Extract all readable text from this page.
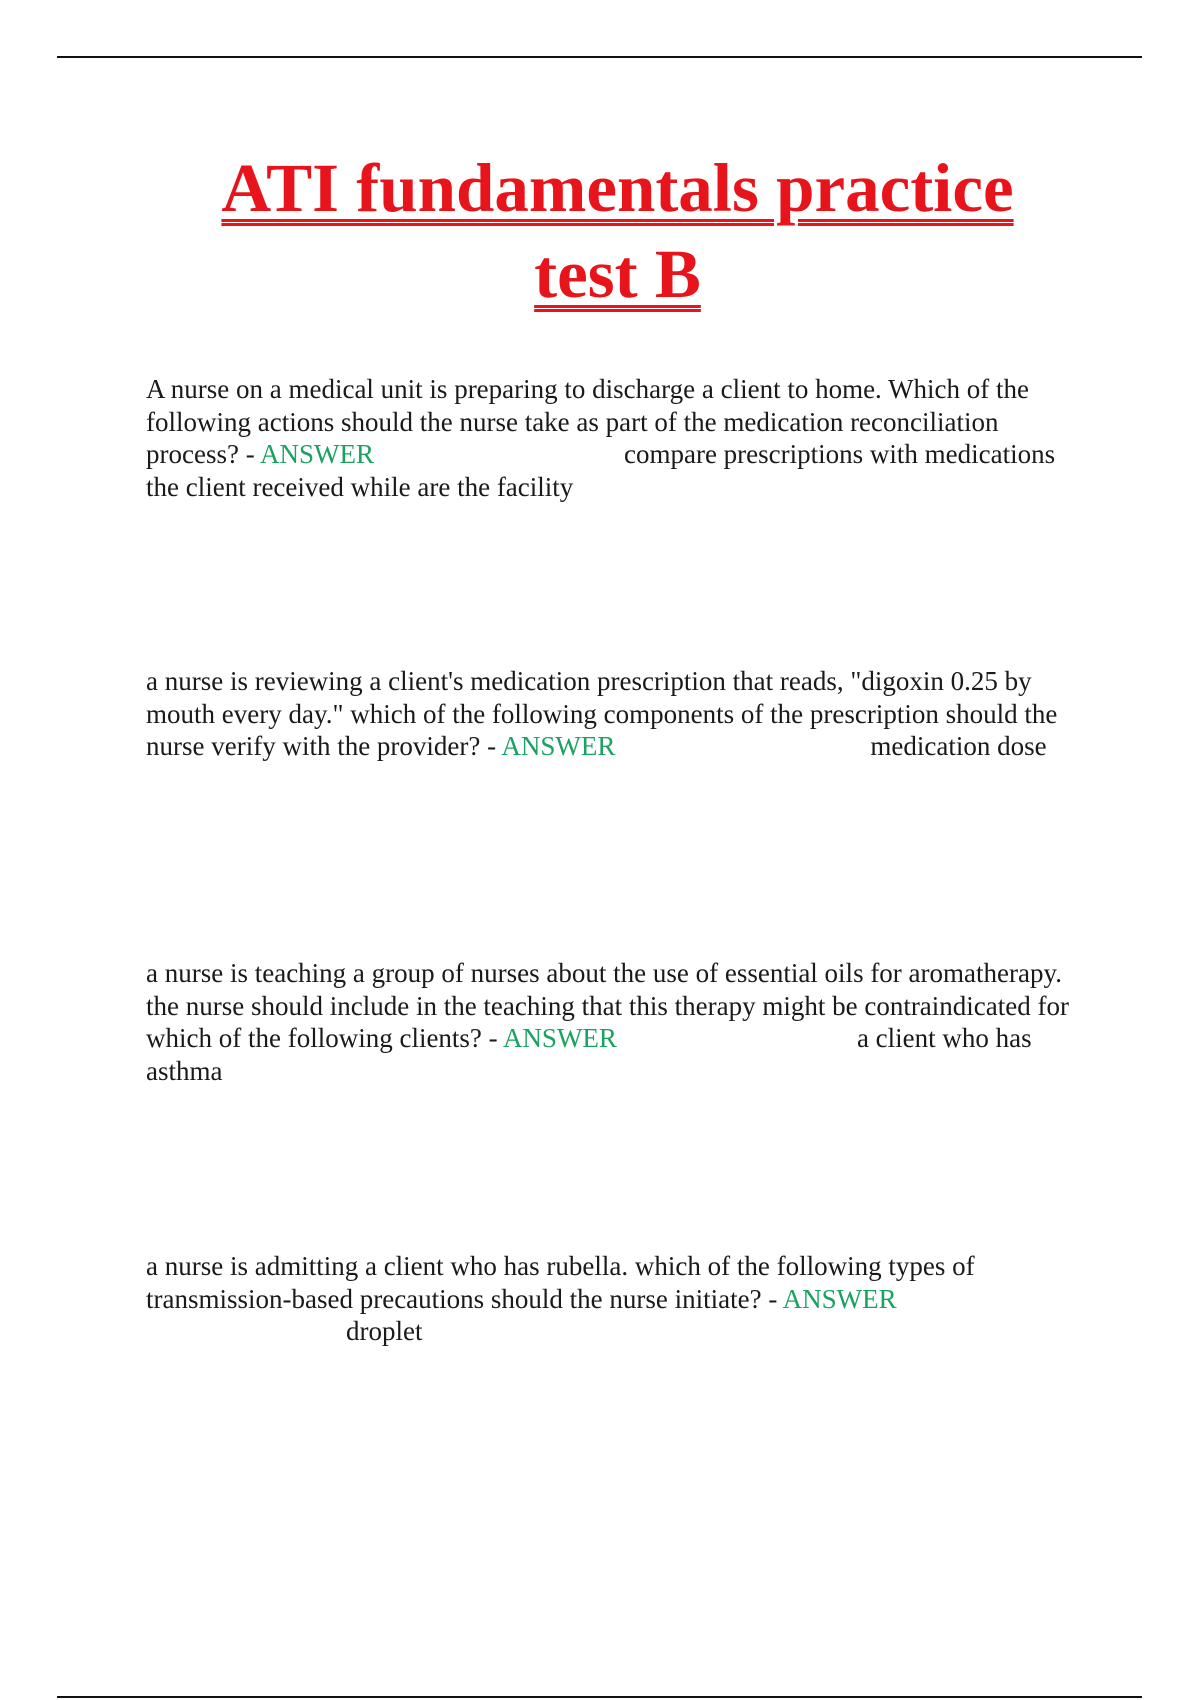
ATI fundamentals practice
test B
A nurse on a medical unit is preparing to discharge a client to home. Which of the following actions should the nurse take as part of the medication reconciliation process? - ANSWER	compare prescriptions with medications the client received while are the facility
a nurse is reviewing a client's medication prescription that reads, "digoxin 0.25 by mouth every day." which of the following components of the prescription should the nurse verify with the provider? - ANSWER	medication dose
a nurse is teaching a group of nurses about the use of essential oils for aromatherapy. the nurse should include in the teaching that this therapy might be contraindicated for which of the following clients? - ANSWER	a client who has asthma
a nurse is admitting a client who has rubella. which of the following types of transmission-based precautions should the nurse initiate? - ANSWERdroplet
